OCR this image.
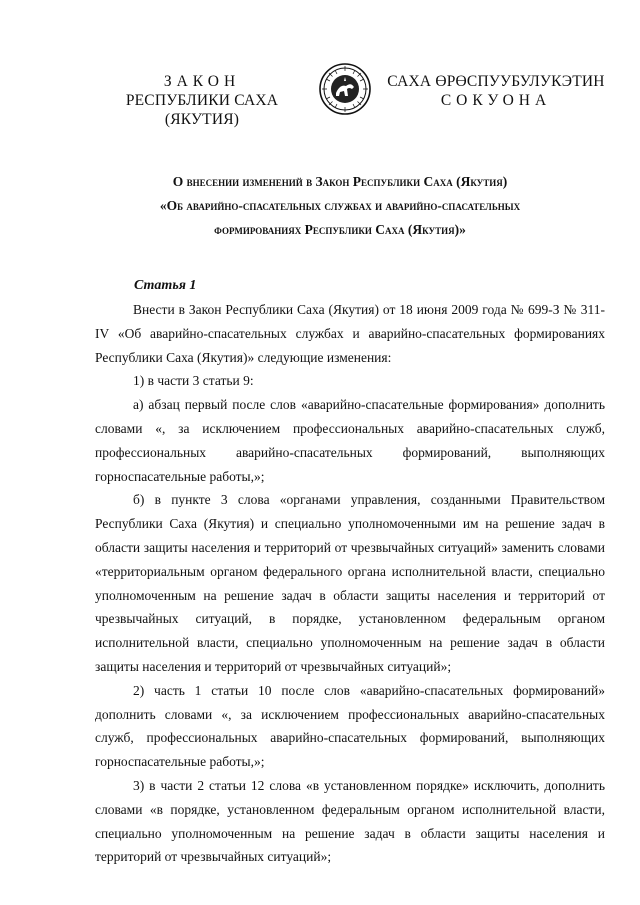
ЗАКОН
РЕСПУБЛИКИ САХА (ЯКУТИЯ)
САХА ӨРӨСПУУБУЛУКЭТИН
СОКУОНА
О внесении изменений в Закон Республики Саха (Якутия)
«Об аварийно-спасательных службах и аварийно-спасательных
формированиях Республики Саха (Якутия)»
Статья 1

Внести в Закон Республики Саха (Якутия) от 18 июня 2009 года № 699-З № 311-IV «Об аварийно-спасательных службах и аварийно-спасательных формированиях Республики Саха (Якутия)» следующие изменения:

1) в части 3 статьи 9:

а) абзац первый после слов «аварийно-спасательные формирования» дополнить словами «, за исключением профессиональных аварийно-спасательных служб, профессиональных аварийно-спасательных формирований, выполняющих горноспасательные работы,»;

б) в пункте 3 слова «органами управления, созданными Правительством Республики Саха (Якутия) и специально уполномоченными им на решение задач в области защиты населения и территорий от чрезвычайных ситуаций» заменить словами «территориальным органом федерального органа исполнительной власти, специально уполномоченным на решение задач в области защиты населения и территорий от чрезвычайных ситуаций, в порядке, установленном федеральным органом исполнительной власти, специально уполномоченным на решение задач в области защиты населения и территорий от чрезвычайных ситуаций»;

2) часть 1 статьи 10 после слов «аварийно-спасательных формирований» дополнить словами «, за исключением профессиональных аварийно-спасательных служб, профессиональных аварийно-спасательных формирований, выполняющих горноспасательные работы,»;

3) в части 2 статьи 12 слова «в установленном порядке» исключить, дополнить словами «в порядке, установленном федеральным органом исполнительной власти, специально уполномоченным на решение задач в области защиты населения и территорий от чрезвычайных ситуаций»;
